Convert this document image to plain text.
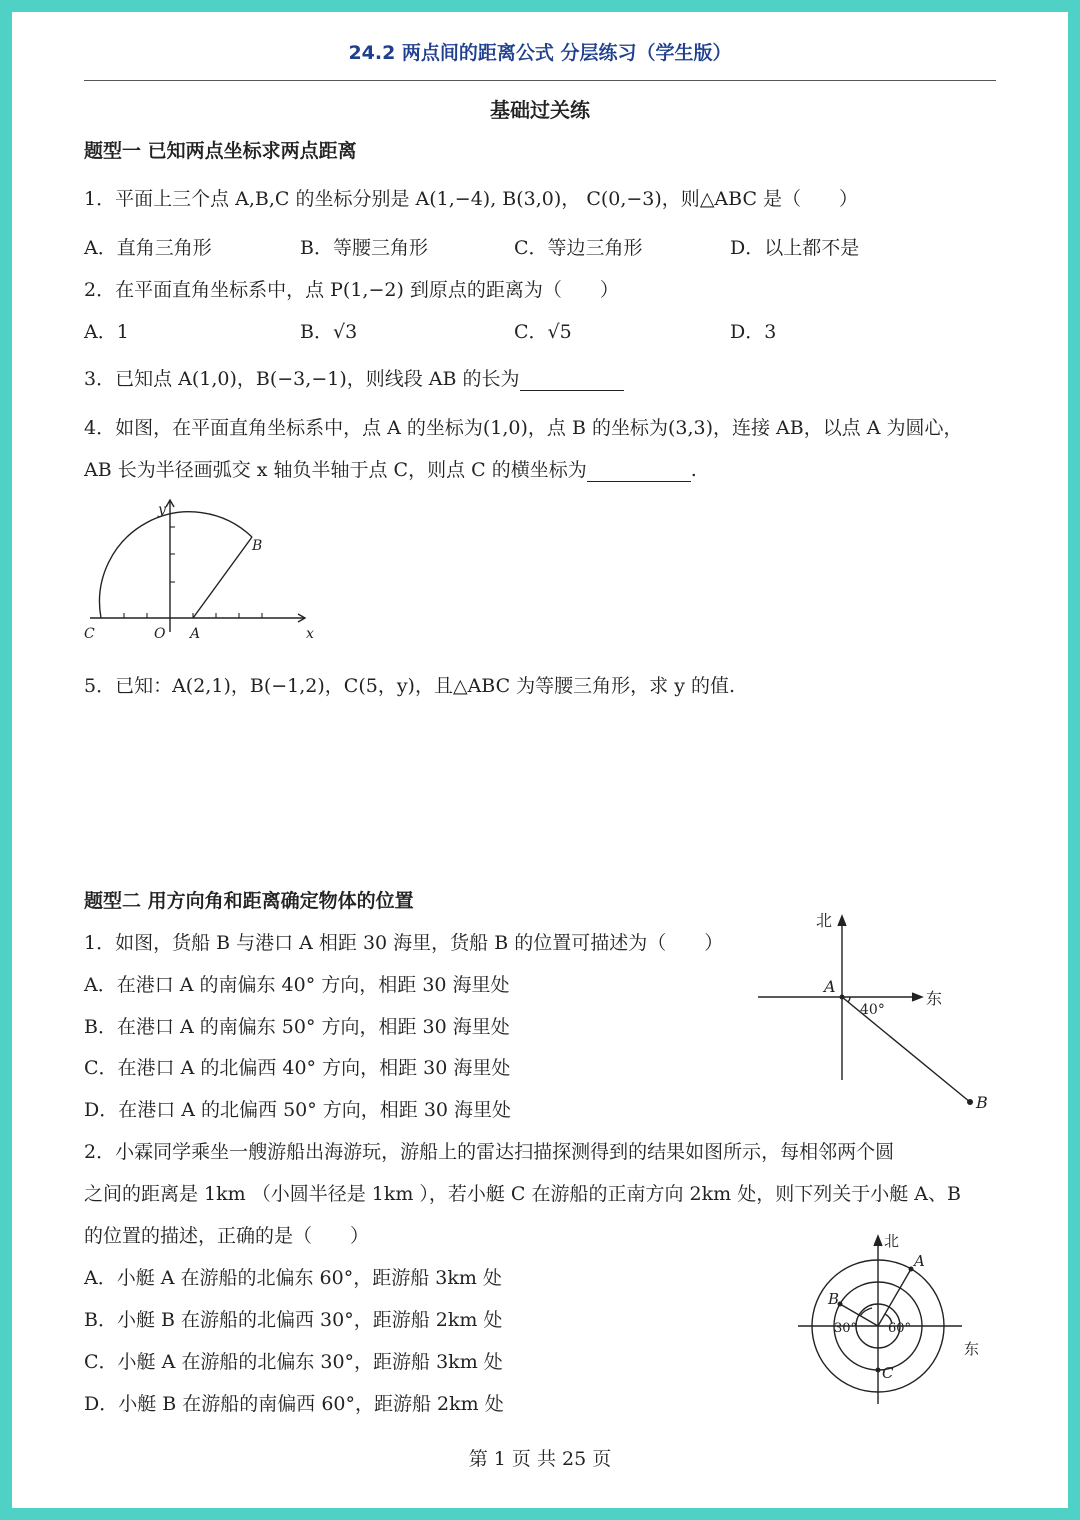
24.2 两点间的距离公式 分层练习（学生版）
基础过关练
题型一 已知两点坐标求两点距离
1．平面上三个点 A,B,C 的坐标分别是 A(1,−4), B(3,0)， C(0,−3)，则△ABC 是（　　）
A．直角三角形	B．等腰三角形	C．等边三角形	D．以上都不是
2．在平面直角坐标系中，点 P(1,−2) 到原点的距离为（　　）
A．1	B．√3	C．√5	D．3
3．已知点 A(1,0)，B(−3,−1)，则线段 AB 的长为
4．如图，在平面直角坐标系中，点 A 的坐标为(1,0)，点 B 的坐标为(3,3)，连接 AB，以点 A 为圆心，
AB 长为半径画弧交 x 轴负半轴于点 C，则点 C 的横坐标为	.
y
x
B
C	O A
5．已知：A(2,1)，B(−1,2)，C(5，y)，且△ABC 为等腰三角形，求 y 的值.
题型二 用方向角和距离确定物体的位置
1．如图，货船 B 与港口 A 相距 30 海里，货船 B 的位置可描述为（　　）
A．在港口 A 的南偏东 40° 方向，相距 30 海里处
B．在港口 A 的南偏东 50° 方向，相距 30 海里处
C．在港口 A 的北偏西 40° 方向，相距 30 海里处
D．在港口 A 的北偏西 50° 方向，相距 30 海里处
北
东
A
B
40°
2．小霖同学乘坐一艘游船出海游玩，游船上的雷达扫描探测得到的结果如图所示，每相邻两个圆
之间的距离是 1km （小圆半径是 1km ），若小艇 C 在游船的正南方向 2km 处，则下列关于小艇 A、B
的位置的描述，正确的是（　　）
A．小艇 A 在游船的北偏东 60°，距游船 3km 处
B．小艇 B 在游船的北偏西 30°，距游船 2km 处
C．小艇 A 在游船的北偏东 30°，距游船 3km 处
D．小艇 B 在游船的南偏西 60°，距游船 2km 处
北
东
A
B
C
30° 60°
第 1 页 共 25 页
